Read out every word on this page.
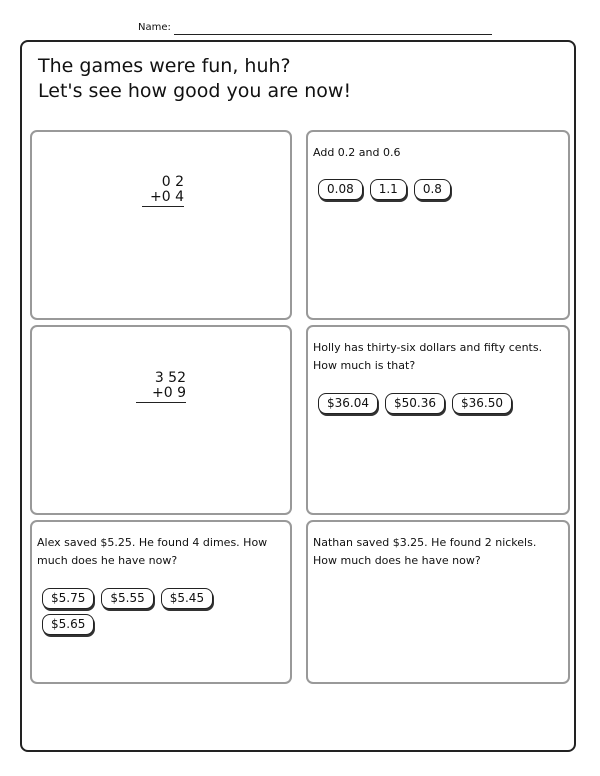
Name:
The games were fun, huh?
Let's see how good you are now!
0 2
+0 4
Add 0.2 and 0.6
0.08	1.1	0.8
3 52
+0 9
Holly has thirty-six dollars and fifty cents. How much is that?
$36.04	$50.36	$36.50
Alex saved $5.25. He found 4 dimes. How much does he have now?
$5.75	$5.55	$5.45
$5.65
Nathan saved $3.25. He found 2 nickels. How much does he have now?
